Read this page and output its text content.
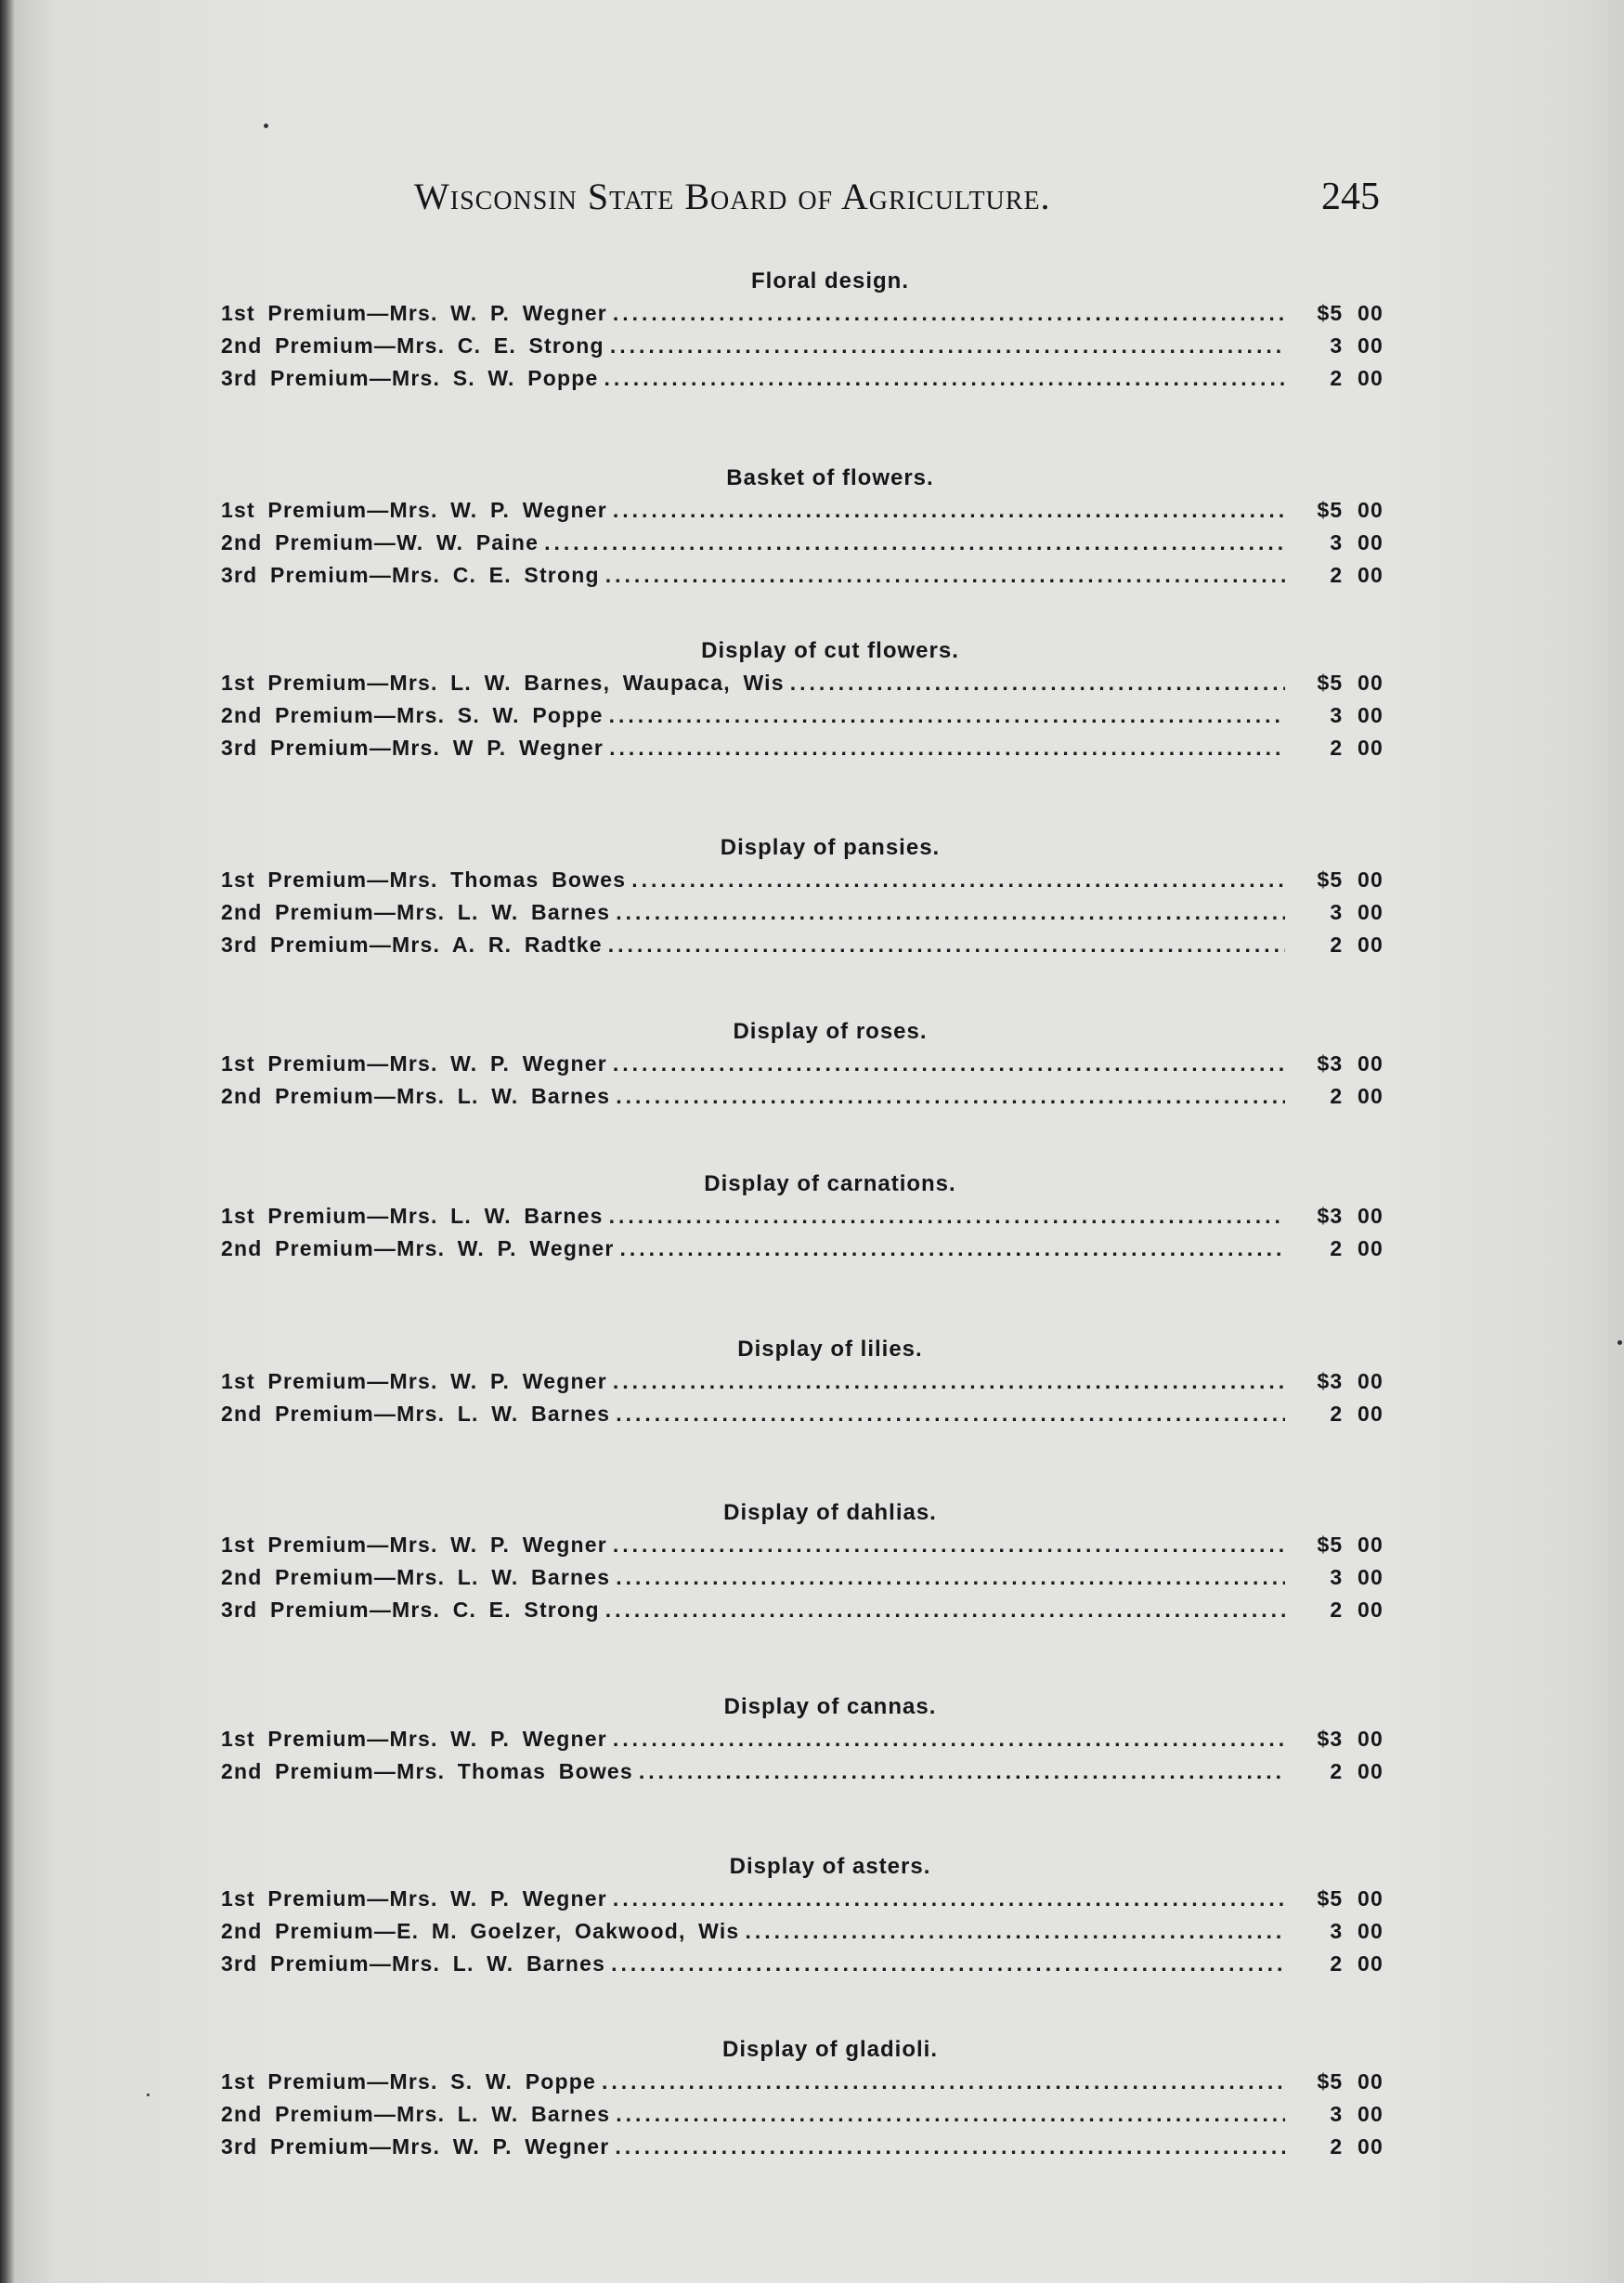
Wisconsin State Board of Agriculture.	245
Floral design.
1st Premium — Mrs. W. P. Wegner .....	$5 00
2nd Premium — Mrs. C. E. Strong .....	3 00
3rd Premium — Mrs. S. W. Poppe .....	2 00
Basket of flowers.
1st Premium — Mrs. W. P. Wegner .....	$5 00
2nd Premium — W. W. Paine .....	3 00
3rd Premium — Mrs. C. E. Strong .....	2 00
Display of cut flowers.
1st Premium — Mrs. L. W. Barnes, Waupaca, Wis .....	$5 00
2nd Premium — Mrs. S. W. Poppe .....	3 00
3rd Premium — Mrs. W P. Wegner .....	2 00
Display of pansies.
1st Premium — Mrs. Thomas Bowes .....	$5 00
2nd Premium — Mrs. L. W. Barnes .....	3 00
3rd Premium — Mrs. A. R. Radtke .....	2 00
Display of roses.
1st Premium — Mrs. W. P. Wegner .....	$3 00
2nd Premium — Mrs. L. W. Barnes .....	2 00
Display of carnations.
1st Premium — Mrs. L. W. Barnes .....	$3 00
2nd Premium — Mrs. W. P. Wegner .....	2 00
Display of lilies.
1st Premium — Mrs. W. P. Wegner .....	$3 00
2nd Premium — Mrs. L. W. Barnes .....	2 00
Display of dahlias.
1st Premium — Mrs. W. P. Wegner .....	$5 00
2nd Premium — Mrs. L. W. Barnes .....	3 00
3rd Premium — Mrs. C. E. Strong .....	2 00
Display of cannas.
1st Premium — Mrs. W. P. Wegner .....	$3 00
2nd Premium — Mrs. Thomas Bowes .....	2 00
Display of asters.
1st Premium — Mrs. W. P. Wegner .....	$5 00
2nd Premium — E. M. Goelzer, Oakwood, Wis .....	3 00
3rd Premium — Mrs. L. W. Barnes .....	2 00
Display of gladioli.
1st Premium — Mrs. S. W. Poppe .....	$5 00
2nd Premium — Mrs. L. W. Barnes .....	3 00
3rd Premium — Mrs. W. P. Wegner .....	2 00
